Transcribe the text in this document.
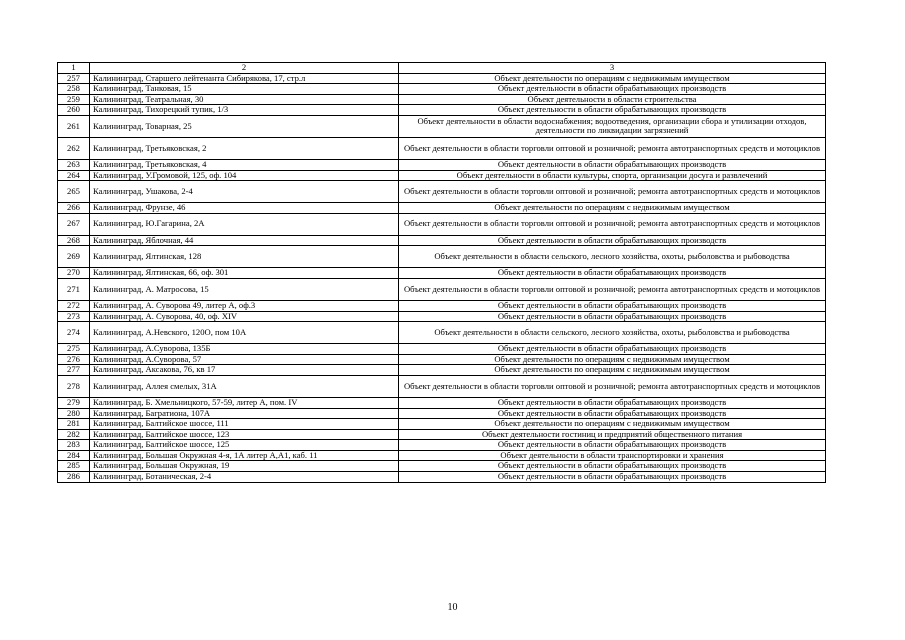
1	2	3
257	Калининград, Старшего лейтенанта Сибирякова, 17, стр.л	Объект деятельности по операциям с недвижимым имуществом
258	Калининград, Танковая, 15	Объект деятельности в области обрабатывающих производств
259	Калининград, Театральная, 30	Объект деятельности в области строительства
260	Калининград, Тихорецкий тупик, 1/3	Объект деятельности в области обрабатывающих производств
261	Калининград, Товарная, 25	Объект деятельности в области водоснабжения; водоотведения, организации сбора и утилизации отходов, деятельности по ликвидации загрязнений
262	Калининград, Третьяковская, 2	Объект деятельности в области торговли оптовой и розничной; ремонта автотранспортных средств и мотоциклов
263	Калининград, Третьяковская, 4	Объект деятельности в области обрабатывающих производств
264	Калининград, У.Громовой, 125, оф. 104	Объект деятельности в области культуры, спорта, организации досуга и развлечений
265	Калининград, Ушакова, 2-4	Объект деятельности в области торговли оптовой и розничной; ремонта автотранспортных средств и мотоциклов
266	Калининград, Фрунзе, 46	Объект деятельности по операциям с недвижимым имуществом
267	Калининград, Ю.Гагарина, 2А	Объект деятельности в области торговли оптовой и розничной; ремонта автотранспортных средств и мотоциклов
268	Калининград, Яблочная, 44	Объект деятельности в области обрабатывающих производств
269	Калининград, Ялтинская, 128	Объект деятельности в области сельского, лесного хозяйства, охоты, рыболовства и рыбоводства
270	Калининград, Ялтинская, 66, оф. 301	Объект деятельности в области обрабатывающих производств
271	Калининград, А. Матросова, 15	Объект деятельности в области торговли оптовой и розничной; ремонта автотранспортных средств и мотоциклов
272	Калининград, А. Суворова 49, литер А, оф.3	Объект деятельности в области обрабатывающих производств
273	Калининград, А. Суворова, 40, оф. XIV	Объект деятельности в области обрабатывающих производств
274	Калининград, А.Невского, 120О, пом 10А	Объект деятельности в области сельского, лесного хозяйства, охоты, рыболовства и рыбоводства
275	Калининград, А.Суворова, 135Б	Объект деятельности в области обрабатывающих производств
276	Калининград, А.Суворова, 57	Объект деятельности по операциям с недвижимым имуществом
277	Калининград, Аксакова, 76, кв 17	Объект деятельности по операциям с недвижимым имуществом
278	Калининград, Аллея смелых, 31А	Объект деятельности в области торговли оптовой и розничной; ремонта автотранспортных средств и мотоциклов
279	Калининград, Б. Хмельницкого, 57-59, литер А, пом. IV	Объект деятельности в области обрабатывающих производств
280	Калининград, Багратиона, 107А	Объект деятельности в области обрабатывающих производств
281	Калининград, Балтийское шоссе, 111	Объект деятельности по операциям с недвижимым имуществом
282	Калининград, Балтийское шоссе, 123	Объект деятельности гостиниц и предприятий общественного питания
283	Калининград, Балтийское шоссе, 125	Объект деятельности в области обрабатывающих производств
284	Калининград, Большая Окружная 4-я, 1А литер А,А1, каб. 11	Объект деятельности в области транспортировки и хранения
285	Калининград, Большая Окружная, 19	Объект деятельности в области обрабатывающих производств
286	Калининград, Ботаническая, 2-4	Объект деятельности в области обрабатывающих производств
10
